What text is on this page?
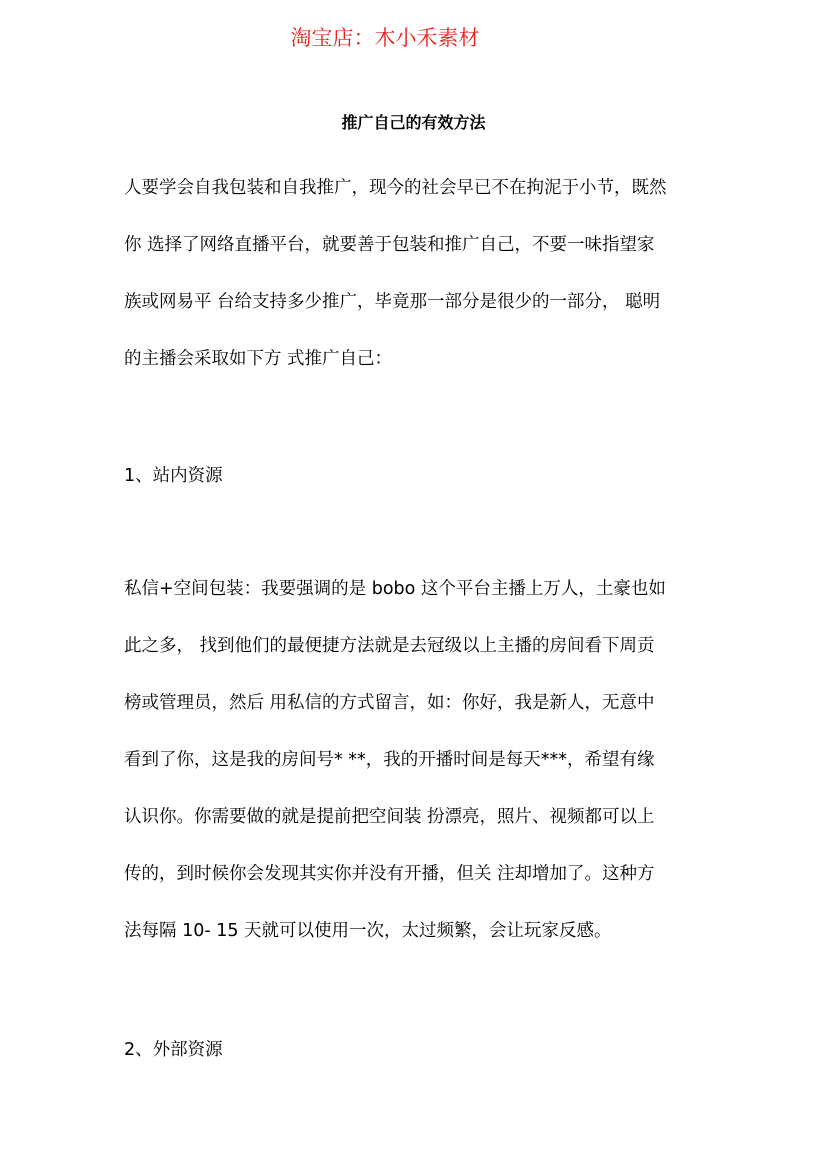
淘宝店：木小禾素材
推广自己的有效方法
人要学会自我包装和自我推广，现今的社会早已不在拘泥于小节，既然
你 选择了网络直播平台，就要善于包装和推广自己，不要一味指望家
族或网易平 台给支持多少推广，毕竟那一部分是很少的一部分， 聪明
的主播会采取如下方 式推广自己：
1、站内资源
私信+空间包装：我要强调的是 bobo 这个平台主播上万人，土豪也如
此之多， 找到他们的最便捷方法就是去冠级以上主播的房间看下周贡
榜或管理员，然后 用私信的方式留言，如：你好，我是新人，无意中
看到了你，这是我的房间号* **，我的开播时间是每天***，希望有缘
认识你。你需要做的就是提前把空间装 扮漂亮，照片、视频都可以上
传的，到时候你会发现其实你并没有开播，但关 注却增加了。这种方
法每隔 10- 15 天就可以使用一次，太过频繁，会让玩家反感。
2、外部资源
